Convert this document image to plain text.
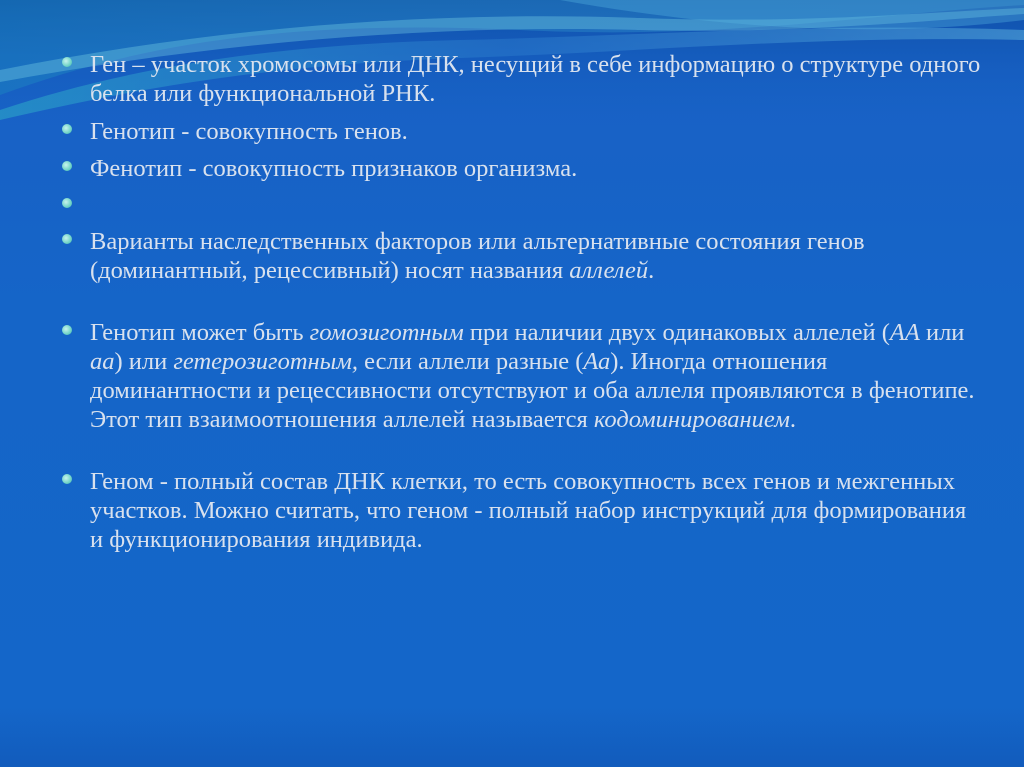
Ген – участок хромосомы или ДНК, несущий в себе информацию о структуре одного белка или функциональной РНК.
Генотип - совокупность генов.
Фенотип - совокупность признаков организма.
Варианты наследственных факторов или альтернативные состояния генов (доминантный, рецессивный) носят названия аллелей.
Генотип может быть гомозиготным при наличии двух одинаковых аллелей (АА или аа) или гетерозиготным, если аллели разные (Аа). Иногда отношения доминантности и рецессивности отсутствуют и оба аллеля проявляются в фенотипе. Этот тип взаимоотношения аллелей называется кодоминированием.
Геном - полный состав ДНК клетки, то есть совокупность всех генов и межгенных участков. Можно считать, что геном - полный набор инструкций для формирования и функционирования индивида.
